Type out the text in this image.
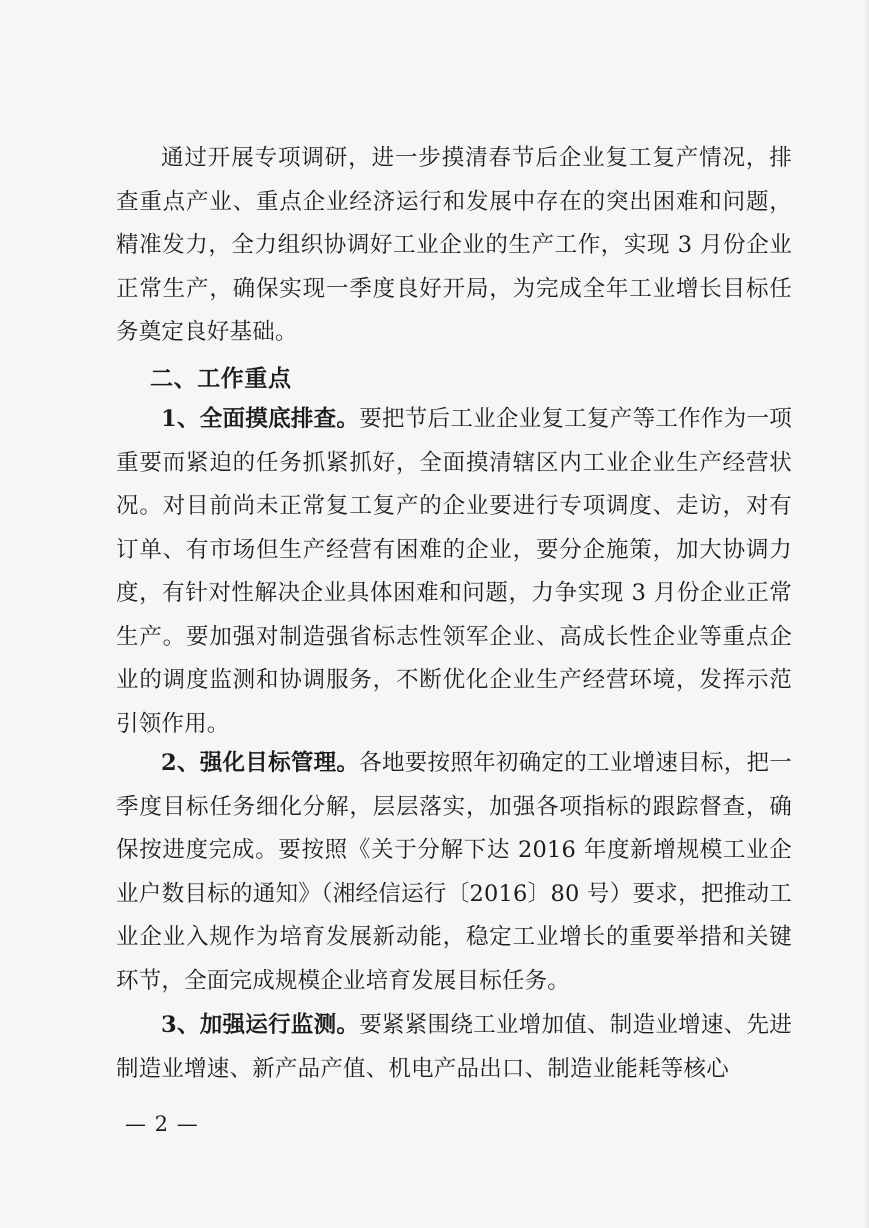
通过开展专项调研，进一步摸清春节后企业复工复产情况，排查重点产业、重点企业经济运行和发展中存在的突出困难和问题，精准发力，全力组织协调好工业企业的生产工作，实现 3 月份企业正常生产，确保实现一季度良好开局，为完成全年工业增长目标任务奠定良好基础。

二、工作重点

1、全面摸底排查。要把节后工业企业复工复产等工作作为一项重要而紧迫的任务抓紧抓好，全面摸清辖区内工业企业生产经营状况。对目前尚未正常复工复产的企业要进行专项调度、走访，对有订单、有市场但生产经营有困难的企业，要分企施策，加大协调力度，有针对性解决企业具体困难和问题，力争实现 3 月份企业正常生产。要加强对制造强省标志性领军企业、高成长性企业等重点企业的调度监测和协调服务，不断优化企业生产经营环境，发挥示范引领作用。

2、强化目标管理。各地要按照年初确定的工业增速目标，把一季度目标任务细化分解，层层落实，加强各项指标的跟踪督查，确保按进度完成。要按照《关于分解下达 2016 年度新增规模工业企业户数目标的通知》（湘经信运行〔2016〕80 号）要求，把推动工业企业入规作为培育发展新动能，稳定工业增长的重要举措和关键环节，全面完成规模企业培育发展目标任务。

3、加强运行监测。要紧紧围绕工业增加值、制造业增速、先进制造业增速、新产品产值、机电产品出口、制造业能耗等核心

— 2 —
